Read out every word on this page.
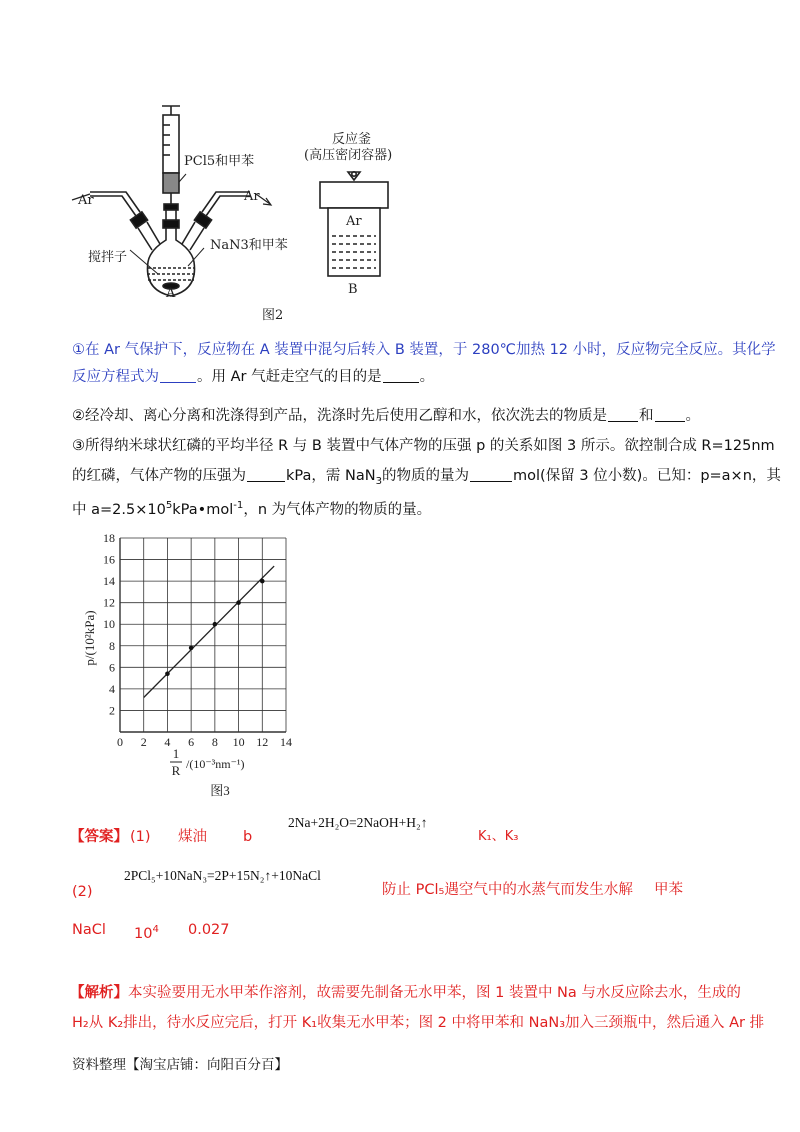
PCl5和甲苯
Ar	Ar
NaN3和甲苯
搅拌子
A
反应釜
(高压密闭容器)
Ar
B
图2
①在 Ar 气保护下，反应物在 A 装置中混匀后转入 B 装置，于 280℃加热 12 小时，反应物完全反应。其化学
反应方程式为	。用 Ar 气赶走空气的目的是	。
②经冷却、离心分离和洗涤得到产品，洗涤时先后使用乙醇和水，依次洗去的物质是 和 。
③所得纳米球状红磷的平均半径 R 与 B 装置中气体产物的压强 p 的关系如图 3 所示。欲控制合成 R=125nm
的红磷，气体产物的压强为	kPa，需 NaN$_3$的物质的量为	mol(保留 3 位小数)。已知：p=a×n，其
中 $a=2.5\times 10^5kPa•mol^{-1}$，n 为气体产物的物质的量。
0 2 4 6 8 10 12 14
2
4
6
8
10
12
14
16
18
p/(10²kPa)
1
R /(10⁻³nm⁻¹)
图3
【答案】 (1) 煤油 b
2Na+2H₂O=2NaOH+H₂↑
K₁、K₃
(2)
2PCl₅+10NaN₃=2P+15N₂↑+10NaCl
防止 PCl₅遇空气中的水蒸气而发生水解 甲苯
NaCl $10^4$ 0.027
【解析】本实验要用无水甲苯作溶剂，故需要先制备无水甲苯，图 1 装置中 Na 与水反应除去水，生成的
H₂从 K₂排出，待水反应完后，打开 K₁收集无水甲苯；图 2 中将甲苯和 NaN₃加入三颈瓶中，然后通入 Ar 排
资料整理【淘宝店铺：向阳百分百】
